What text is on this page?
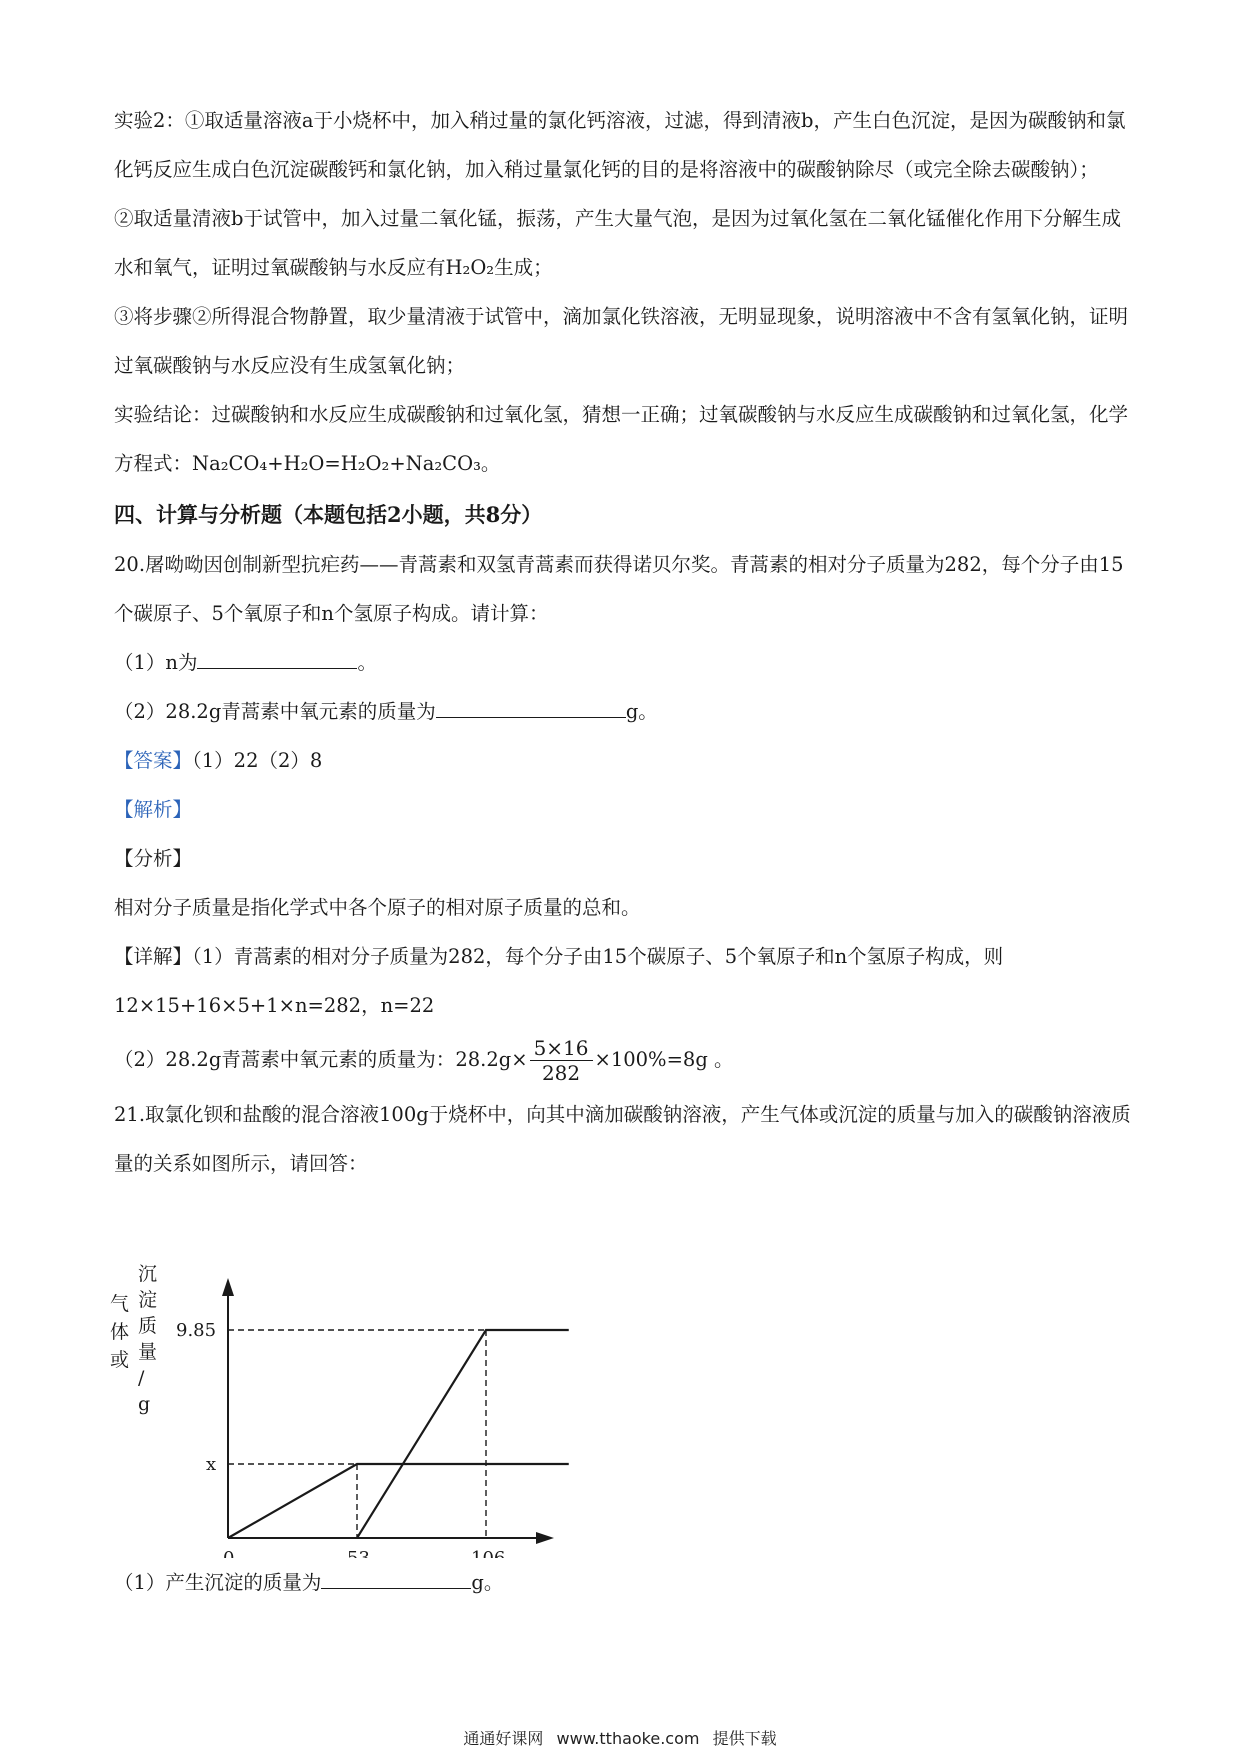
实验2：①取适量溶液a于小烧杯中，加入稍过量的氯化钙溶液，过滤，得到清液b，产生白色沉淀，是因为碳酸钠和氯化钙反应生成白色沉淀碳酸钙和氯化钠，加入稍过量氯化钙的目的是将溶液中的碳酸钠除尽（或完全除去碳酸钠）；

②取适量清液b于试管中，加入过量二氧化锰，振荡，产生大量气泡，是因为过氧化氢在二氧化锰催化作用下分解生成水和氧气，证明过氧碳酸钠与水反应有H₂O₂生成；

③将步骤②所得混合物静置，取少量清液于试管中，滴加氯化铁溶液，无明显现象，说明溶液中不含有氢氧化钠，证明过氧碳酸钠与水反应没有生成氢氧化钠；

实验结论：过碳酸钠和水反应生成碳酸钠和过氧化氢，猜想一正确；过氧碳酸钠与水反应生成碳酸钠和过氧化氢，化学方程式：Na₂CO₄+H₂O=H₂O₂+Na₂CO₃。

四、计算与分析题（本题包括2小题，共8分）

20.屠呦呦因创制新型抗疟药——青蒿素和双氢青蒿素而获得诺贝尔奖。青蒿素的相对分子质量为282，每个分子由15个碳原子、5个氧原子和n个氢原子构成。请计算：

（1）n为	。

（2）28.2g青蒿素中氧元素的质量为	g。

【答案】（1）22（2）8

【解析】

【分析】

相对分子质量是指化学式中各个原子的相对原子质量的总和。

【详解】（1）青蒿素的相对分子质量为282，每个分子由15个碳原子、5个氧原子和n个氢原子构成，则

12×15+16×5+1×n=282，n=22

（2）28.2g青蒿素中氧元素的质量为：$28.2g\times \frac{5\times 16}{282} \times 100\%=8g$ 。

21.取氯化钡和盐酸的混合溶液100g于烧杯中，向其中滴加碳酸钠溶液，产生气体或沉淀的质量与加入的碳酸钠溶液质量的关系如图所示，请回答：

x
9.85
气体或
沉淀质量/ g

（1）产生沉淀的质量为	g。

通通好课网 www.tthaoke.com 提供下载
